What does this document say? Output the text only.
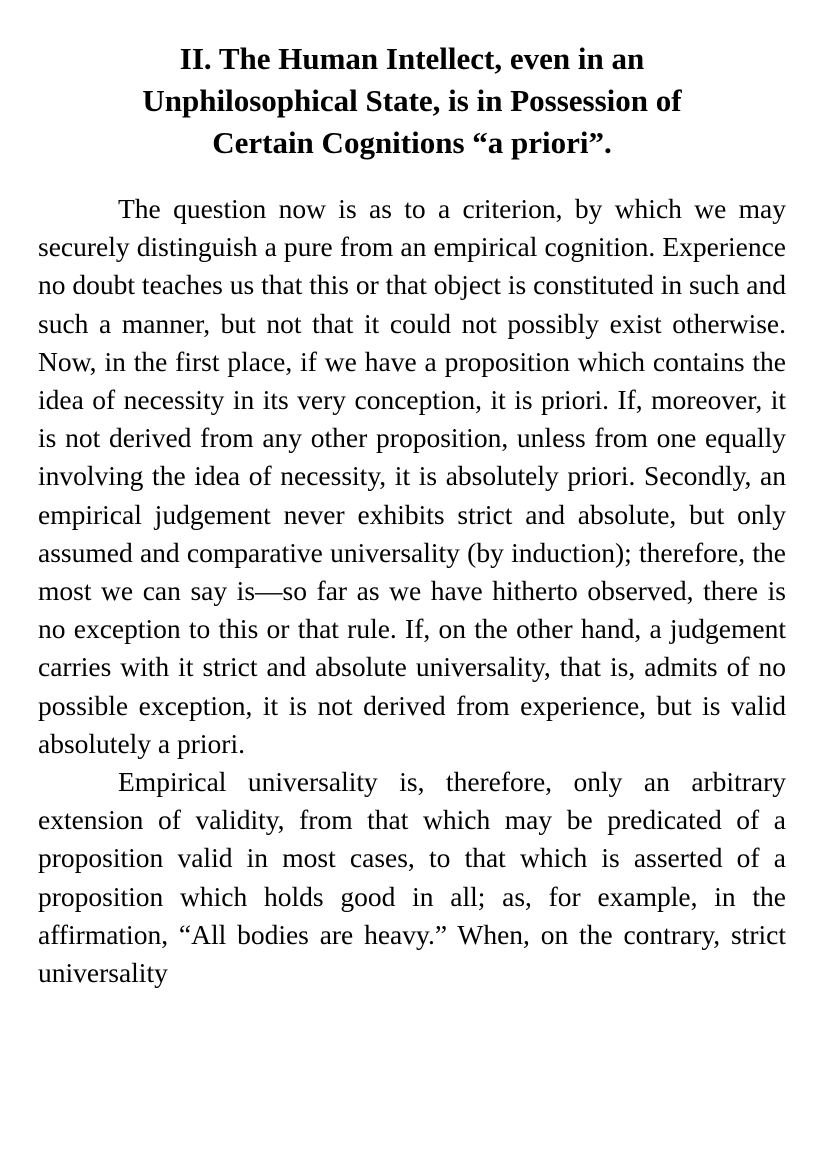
II. The Human Intellect, even in an
Unphilosophical State, is in Possession of
Certain Cognitions “a priori”.

The question now is as to a criterion, by which we may securely distinguish a pure from an empirical cognition. Experience no doubt teaches us that this or that object is constituted in such and such a manner, but not that it could not possibly exist otherwise. Now, in the first place, if we have a proposition which contains the idea of necessity in its very conception, it is priori. If, moreover, it is not derived from any other proposition, unless from one equally involving the idea of necessity, it is absolutely priori. Secondly, an empirical judgement never exhibits strict and absolute, but only assumed and comparative universality (by induction); therefore, the most we can say is—so far as we have hitherto observed, there is no exception to this or that rule. If, on the other hand, a judgement carries with it strict and absolute universality, that is, admits of no possible exception, it is not derived from experience, but is valid absolutely a priori.

Empirical universality is, therefore, only an arbitrary extension of validity, from that which may be predicated of a proposition valid in most cases, to that which is asserted of a proposition which holds good in all; as, for example, in the affirmation, “All bodies are heavy.” When, on the contrary, strict universality
